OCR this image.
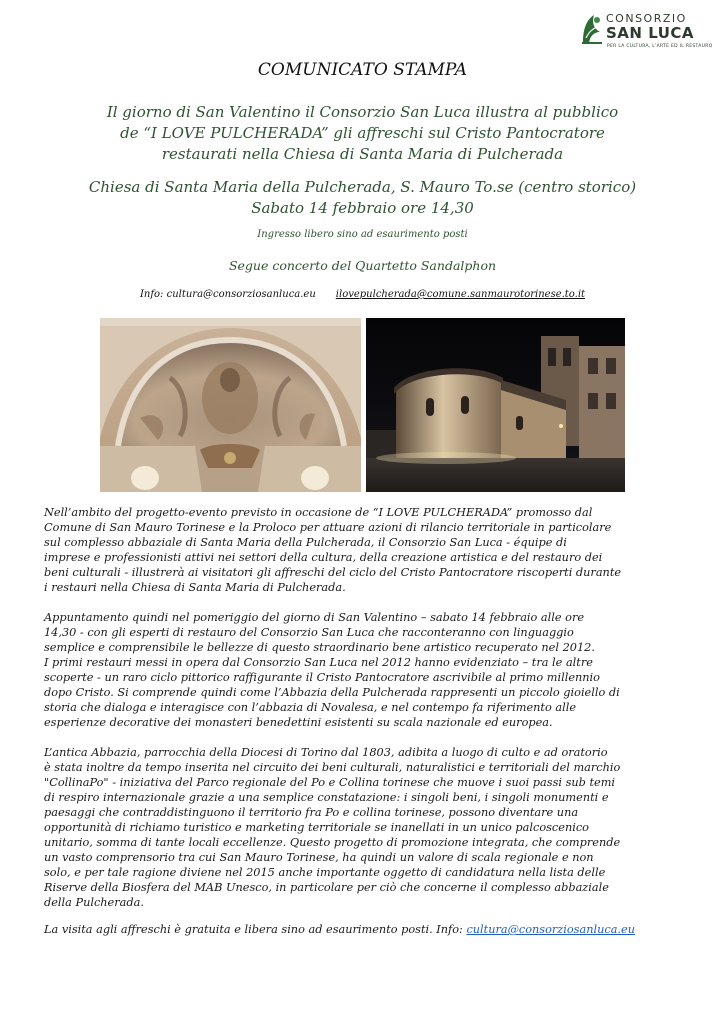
CONSORZIO
SAN LUCA
PER LA CULTURA, L'ARTE ED IL RESTAURO
COMUNICATO STAMPA
Il giorno di San Valentino il Consorzio San Luca illustra al pubblico
de “I LOVE PULCHERADA” gli affreschi sul Cristo Pantocratore
restaurati nella Chiesa di Santa Maria di Pulcherada
Chiesa di Santa Maria della Pulcherada, S. Mauro To.se (centro storico)
Sabato 14 febbraio ore 14,30
Ingresso libero sino ad esaurimento posti
Segue concerto del Quartetto Sandalphon
Info: cultura@consorziosanluca.eu ilovepulcherada@comune.sanmaurotorinese.to.it

Nell’ambito del progetto-evento previsto in occasione de “I LOVE PULCHERADA” promosso dal

Comune di San Mauro Torinese e la Proloco per attuare azioni di rilancio territoriale in particolare

sul complesso abbaziale di Santa Maria della Pulcherada, il Consorzio San Luca - équipe di

imprese e professionisti attivi nei settori della cultura, della creazione artistica e del restauro dei

beni culturali - illustrerà ai visitatori gli affreschi del ciclo del Cristo Pantocratore riscoperti durante

i restauri nella Chiesa di Santa Maria di Pulcherada.

Appuntamento quindi nel pomeriggio del giorno di San Valentino – sabato 14 febbraio alle ore

14,30 - con gli esperti di restauro del Consorzio San Luca che racconteranno con linguaggio

semplice e comprensibile le bellezze di questo straordinario bene artistico recuperato nel 2012.

I primi restauri messi in opera dal Consorzio San Luca nel 2012 hanno evidenziato – tra le altre

scoperte - un raro ciclo pittorico raffigurante il Cristo Pantocratore ascrivibile al primo millennio

dopo Cristo. Si comprende quindi come l’Abbazia della Pulcherada rappresenti un piccolo gioiello di

storia che dialoga e interagisce con l’abbazia di Novalesa, e nel contempo fa riferimento alle

esperienze decorative dei monasteri benedettini esistenti su scala nazionale ed europea.

L’antica Abbazia, parrocchia della Diocesi di Torino dal 1803, adibita a luogo di culto e ad oratorio

è stata inoltre da tempo inserita nel circuito dei beni culturali, naturalistici e territoriali del marchio

"CollinaPo" - iniziativa del Parco regionale del Po e Collina torinese che muove i suoi passi sub temi

di respiro internazionale grazie a una semplice constatazione: i singoli beni, i singoli monumenti e

paesaggi che contraddistinguono il territorio fra Po e collina torinese, possono diventare una

opportunità di richiamo turistico e marketing territoriale se inanellati in un unico palcoscenico

unitario, somma di tante locali eccellenze. Questo progetto di promozione integrata, che comprende

un vasto comprensorio tra cui San Mauro Torinese, ha quindi un valore di scala regionale e non

solo, e per tale ragione diviene nel 2015 anche importante oggetto di candidatura nella lista delle

Riserve della Biosfera del MAB Unesco, in particolare per ciò che concerne il complesso abbaziale

della Pulcherada.

La visita agli affreschi è gratuita e libera sino ad esaurimento posti. Info: cultura@consorziosanluca.eu
